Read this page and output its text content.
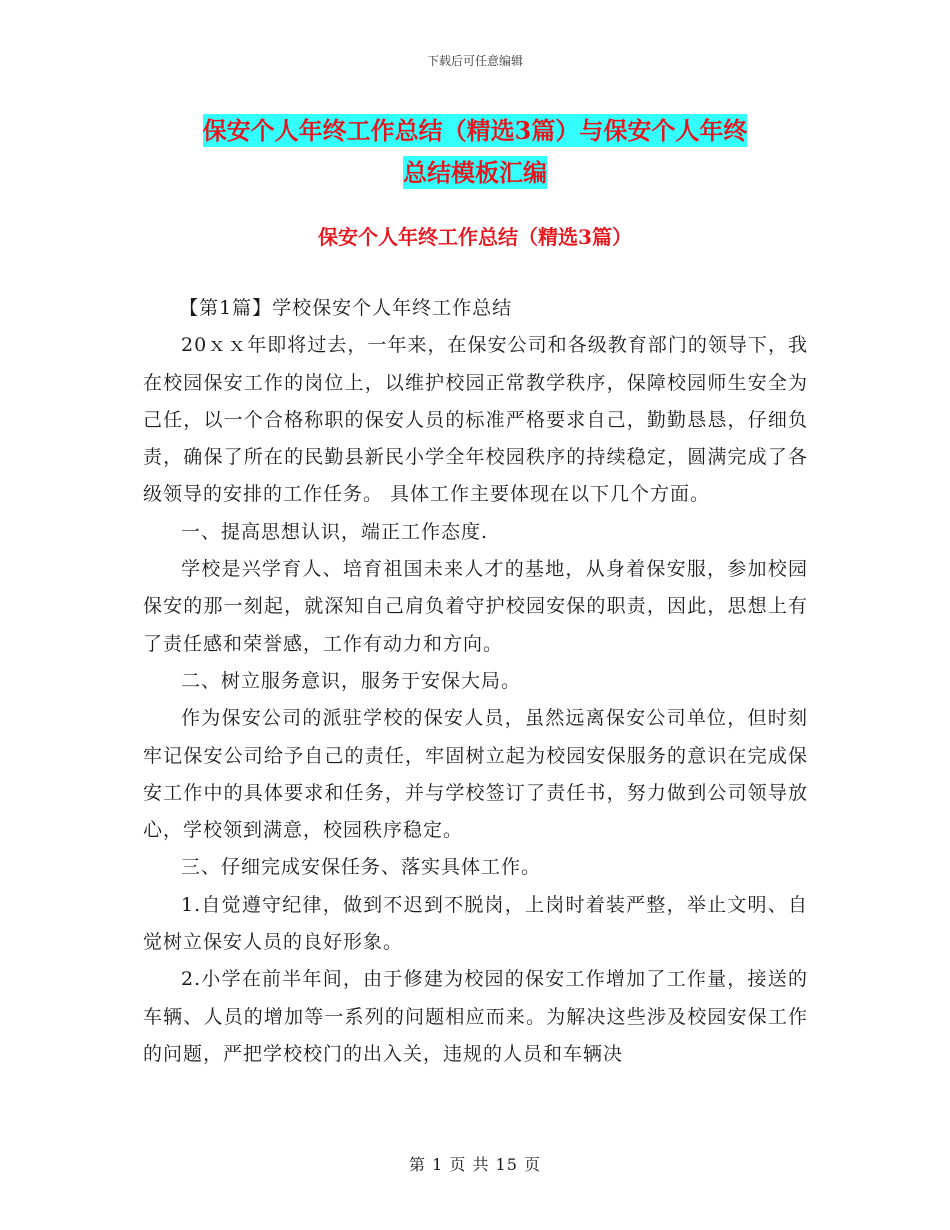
下载后可任意编辑
保安个人年终工作总结（精选3篇）与保安个人年终
总结模板汇编
保安个人年终工作总结（精选3篇）

【第1篇】学校保安个人年终工作总结

20ｘｘ年即将过去，一年来，在保安公司和各级教育部门的领导下，我在校园保安工作的岗位上，以维护校园正常教学秩序，保障校园师生安全为己任，以一个合格称职的保安人员的标准严格要求自己，勤勤恳恳，仔细负责，确保了所在的民勤县新民小学全年校园秩序的持续稳定，圆满完成了各级领导的安排的工作任务。 具体工作主要体现在以下几个方面。

一、提高思想认识，端正工作态度.

学校是兴学育人、培育祖国未来人才的基地，从身着保安服，参加校园保安的那一刻起，就深知自己肩负着守护校园安保的职责，因此，思想上有了责任感和荣誉感，工作有动力和方向。

二、树立服务意识，服务于安保大局。

作为保安公司的派驻学校的保安人员，虽然远离保安公司单位，但时刻牢记保安公司给予自己的责任，牢固树立起为校园安保服务的意识在完成保安工作中的具体要求和任务，并与学校签订了责任书，努力做到公司领导放心，学校领到满意，校园秩序稳定。

三、仔细完成安保任务、落实具体工作。

1.自觉遵守纪律，做到不迟到不脱岗，上岗时着装严整，举止文明、自觉树立保安人员的良好形象。

2.小学在前半年间，由于修建为校园的保安工作增加了工作量，接送的车辆、人员的增加等一系列的问题相应而来。为解决这些涉及校园安保工作的问题，严把学校校门的出入关，违规的人员和车辆决

第 1 页 共 15 页
